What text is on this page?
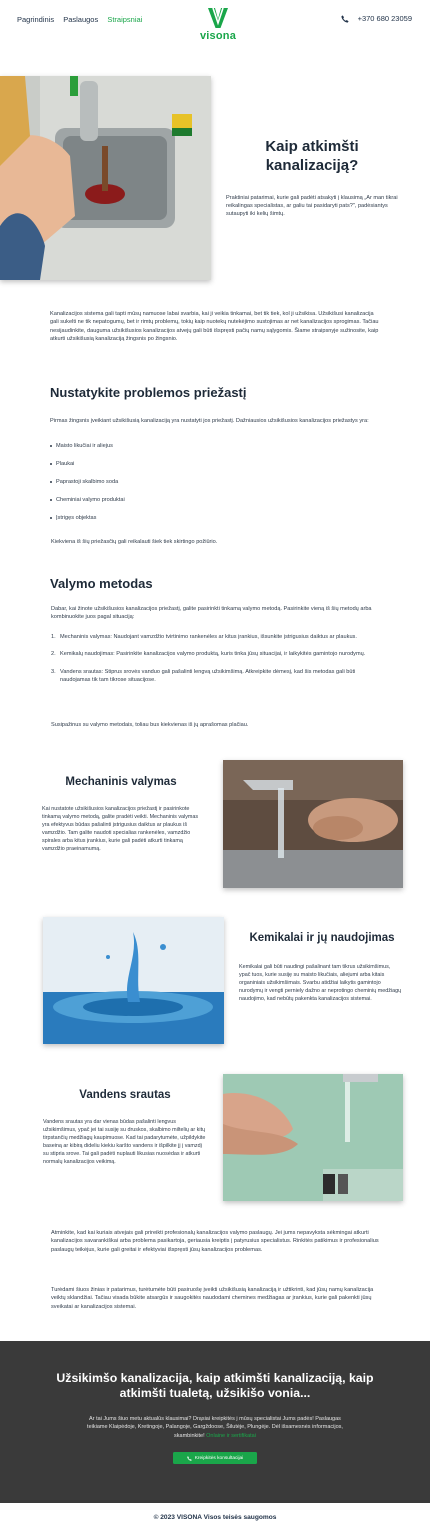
Pagrindinis Paslaugos Straipsniai
visona
+370 680 23059
Kaip atkimšti kanalizaciją?

Praktiniai patarimai, kurie gali padėti atsakyti į klausimą „Ar man tikrai reikalingas specialistas, ar galiu tai pasidaryti pats?", padėsiantys sutaupyti iki kelių šimtų.

Kanalizacijos sistema gali tapti mūsų namuose labai svarbia, kai ji veikia tinkamai, bet tik tiek, kol ji užsikisa. Užsikišusi kanalizacija gali sukelti ne tik nepatogumų, bet ir rimtų problemų, tokių kaip nuotekų nutekėjimo sustojimas ar net kanalizacijos sprogimas. Tačiau nesijaudinkite, dauguma užsikišusios kanalizacijos atvejų gali būti išspręsti pačių namų sąlygomis. Šiame straipsnyje sužinosite, kaip atkurti užsikišusią kanalizaciją žingsnis po žingsnio.

Nustatykite problemos priežastį

Pirmas žingsnis įveikiant užsikišusią kanalizaciją yra nustatyti jos priežastį. Dažniausios užsikišusios kanalizacijos priežastys yra:

Maisto likučiai ir aliejus
Plaukai
Paprastoji skalbimo soda
Cheminiai valymo produktai
Įstrigęs objektas

Kiekviena iš šių priežasčių gali reikalauti šiek tiek skirtingo požiūrio.

Valymo metodas

Dabar, kai žinote užsikišusios kanalizacijos priežastį, galite pasirinkti tinkamą valymo metodą. Pasirinkite vieną iš šių metodų arba kombinuokite juos pagal situaciją:

1. Mechaninis valymas: Naudojant vamzdžio tvirtinimo rankenėles ar kitus įrankius, išsunkite įstrigusius daiktus ar plaukus.
2. Kemikalų naudojimas: Pasirinkite kanalizacijos valymo produktą, kuris tinka jūsų situacijai, ir laikykitės gamintojo nurodymų.
3. Vandens srautas: Stiprus srovės vanduo gali pašalinti lengvą užsikimšimą. Atkreipkite dėmesį, kad šis metodas gali būti naudojamas tik tam tikrose situacijose.

Susipažinus su valymo metodais, toliau bus kiekvienas iš jų aprašomas plačiau.

Mechaninis valymas

Kai nustatote užsikišusios kanalizacijos priežastį ir pasirinkote tinkamą valymo metodą, galite pradėti veikti. Mechaninis valymas yra efektyvus būdas pašalinti įstrigusius daiktus ar plaukus iš vamzdžio. Tam galite naudoti specialias rankenėles, vamzdžio spirales arba kitus įrankius, kurie gali padėti atkurti tinkamą vamzdžio praeinamumą.

Kemikalai ir jų naudojimas

Kemikalai gali būti naudingi pašalinant tam tikrus užsikimšimus, ypač tuos, kurie susiję su maisto likučiais, aliejumi arba kitais organiniais užsikimšimais. Svarbu atidžiai laikytis gamintojo nurodymų ir vengti perniely dažno ar neprotingo cheminių medžiagų naudojimo, kad nebūtų pakenkta kanalizacijos sistemai.

Vandens srautas

Vandens srautas yra dar vienas būdas pašalinti lengvus užsikimšimus, ypač jei tai susiję su druskos, skalbimo miltelių ar kitų tirpstančių medžiagų kaupimuose. Kad tai padarytumėte, užpildykite baseiną ar kibirą dideliu kiekiu karšto vandens ir išpilkite jį į vamzdį su stipria srove. Tai gali padėti nuplauti likusias nuosėdas ir atkurti normalų kanalizacijos veikimą.

Atminkite, kad kai kuriais atvejais gali prireikti profesionalų kanalizacijos valymo paslaugų. Jei jums nepavyksta sėkmingai atkurti kanalizacijos savarankiškai arba problema pasikartoja, geriausia kreiptis į patyrusius specialistus. Rinkitės patikimus ir profesionalius paslaugų teikėjus, kurie gali greitai ir efektyviai išspręsti jūsų kanalizacijos problemas.

Turėdami šiuos žinias ir patarimus, turėtumėte būti pasiruošę įveikti užsikišusią kanalizaciją ir užtikrinti, kad jūsų namų kanalizacija veiktų sklandžiai. Tačiau visada būkite atsargūs ir saugokitės naudodami chemines medžiagas ar įrankius, kurie gali pakenkti jūsų sveikatai ar kanalizacijos sistemai.

Užsikimšo kanalizacija, kaip atkimšti kanalizaciją, kaip atkimšti tualetą, užsikišo vonia...

Ar tai Jums šiuo metu aktualūs klausimai? Drąsiai kreipkitės į mūsų specialistai Jums padės! Paslaugas teikiame Klaipėdoje, Kretingoje, Palangoje, Gargždoose, Šilutėje, Plungėje. Dėl išsamesnės informacijos, skambinkite! Onlaine ir sertifikatai

Kreipkitės konsultacijai
© 2023 VISONA Visos teisės saugomos
